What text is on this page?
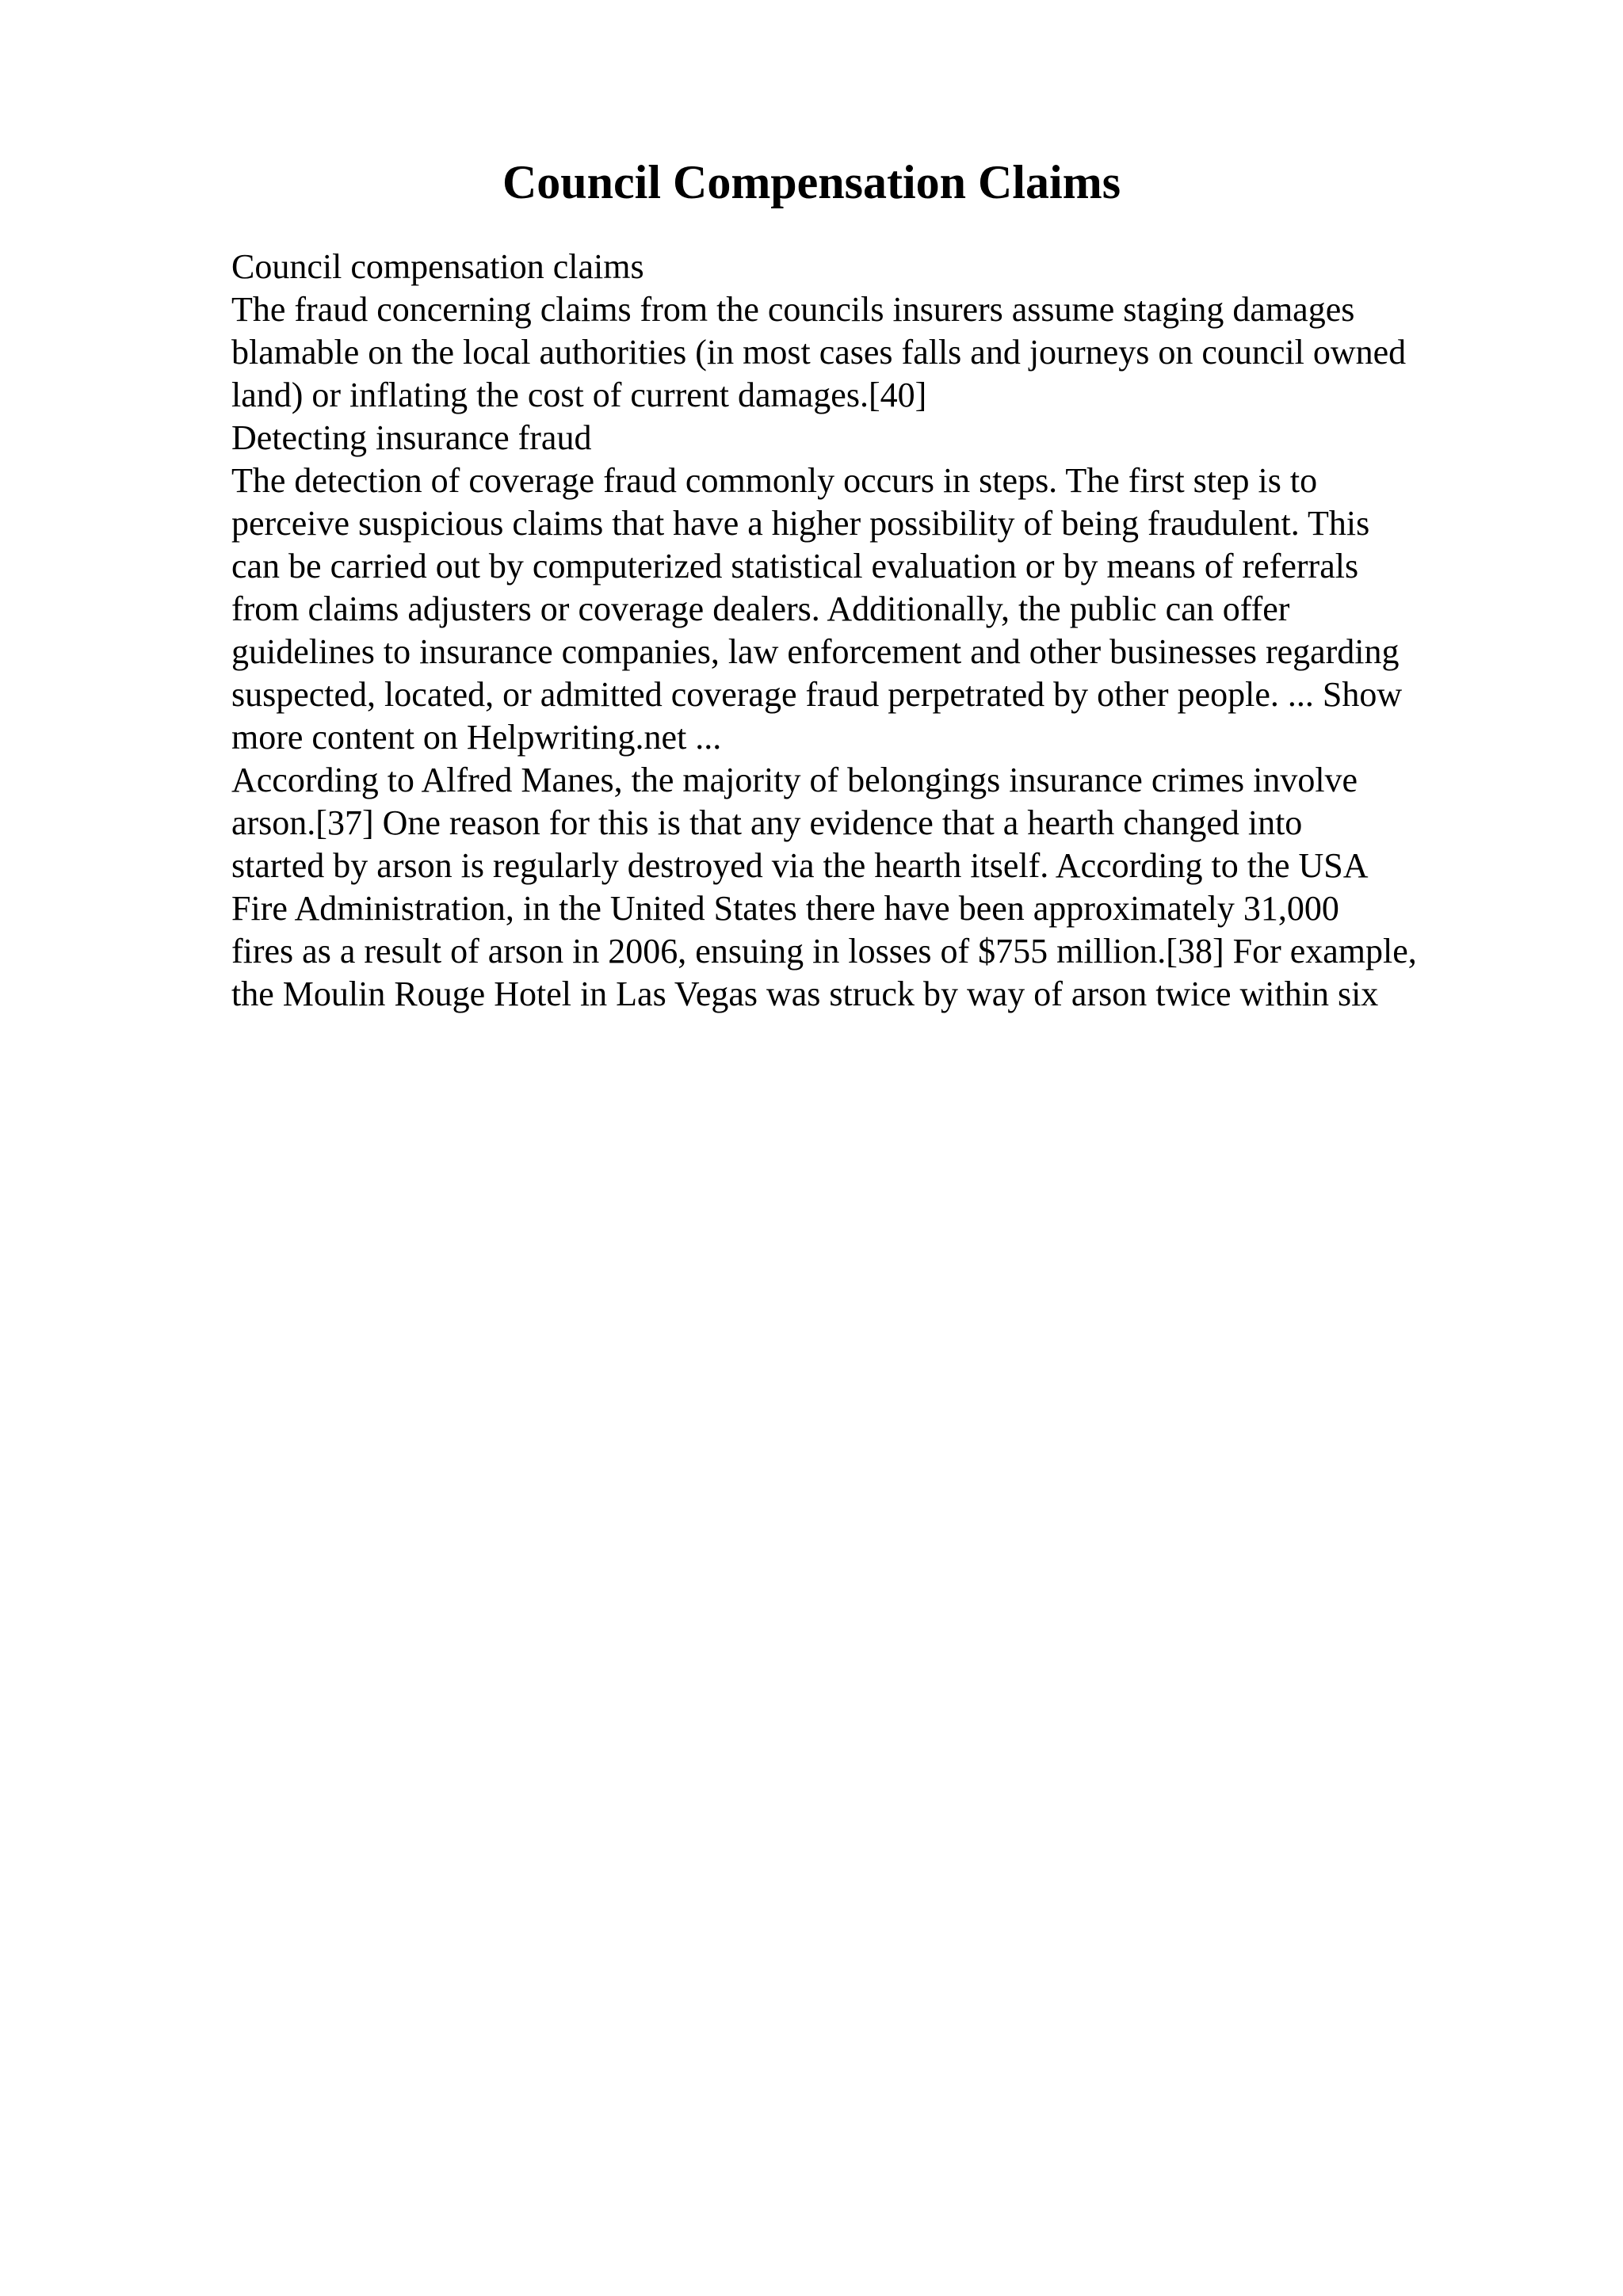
Council Compensation Claims
Council compensation claims
The fraud concerning claims from the councils insurers assume staging damages
blamable on the local authorities (in most cases falls and journeys on council owned
land) or inflating the cost of current damages.[40]
Detecting insurance fraud
The detection of coverage fraud commonly occurs in steps. The first step is to
perceive suspicious claims that have a higher possibility of being fraudulent. This
can be carried out by computerized statistical evaluation or by means of referrals
from claims adjusters or coverage dealers. Additionally, the public can offer
guidelines to insurance companies, law enforcement and other businesses regarding
suspected, located, or admitted coverage fraud perpetrated by other people. ... Show
more content on Helpwriting.net ...
According to Alfred Manes, the majority of belongings insurance crimes involve
arson.[37] One reason for this is that any evidence that a hearth changed into
started by arson is regularly destroyed via the hearth itself. According to the USA
Fire Administration, in the United States there have been approximately 31,000
fires as a result of arson in 2006, ensuing in losses of $755 million.[38] For example,
the Moulin Rouge Hotel in Las Vegas was struck by way of arson twice within six
